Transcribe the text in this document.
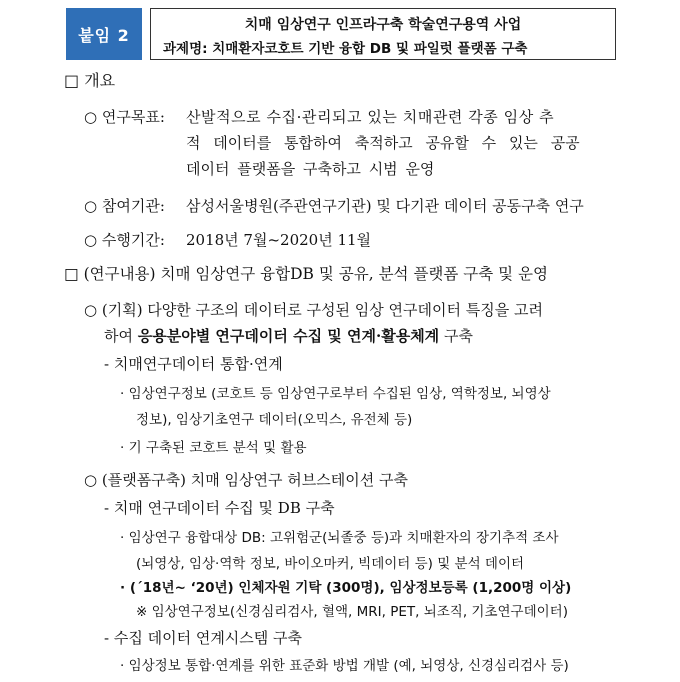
붙임 2
치매 임상연구 인프라구축 학술연구용역 사업
과제명: 치매환자코호트 기반 융합 DB 및 파일럿 플랫폼 구축
□ 개요
○ 연구목표: 산발적으로 수집·관리되고 있는 치매관련 각종 임상 추
적 데이터를 통합하여 축적하고 공유할 수 있는 공공
데이터 플랫폼을 구축하고 시범 운영
○ 참여기관: 삼성서울병원(주관연구기관) 및 다기관 데이터 공동구축 연구
○ 수행기간: 2018년 7월~2020년 11월
□ (연구내용) 치매 임상연구 융합DB 및 공유, 분석 플랫폼 구축 및 운영
○ (기획) 다양한 구조의 데이터로 구성된 임상 연구데이터 특징을 고려
하여 응용분야별 연구데이터 수집 및 연계·활용체계 구축
- 치매연구데이터 통합·연계
· 임상연구정보 (코호트 등 임상연구로부터 수집된 임상, 역학정보, 뇌영상
정보), 임상기초연구 데이터(오믹스, 유전체 등)
· 기 구축된 코호트 분석 및 활용
○ (플랫폼구축) 치매 임상연구 허브스테이션 구축
- 치매 연구데이터 수집 및 DB 구축
· 임상연구 융합대상 DB: 고위험군(뇌졸중 등)과 치매환자의 장기추적 조사
(뇌영상, 임상·역학 정보, 바이오마커, 빅데이터 등) 및 분석 데이터
· (´18년~ ‘20년) 인체자원 기탁 (300명), 임상정보등록 (1,200명 이상)
※ 임상연구정보(신경심리검사, 혈액, MRI, PET, 뇌조직, 기초연구데이터)
- 수집 데이터 연계시스템 구축
· 임상정보 통합·연계를 위한 표준화 방법 개발 (예, 뇌영상, 신경심리검사 등)
